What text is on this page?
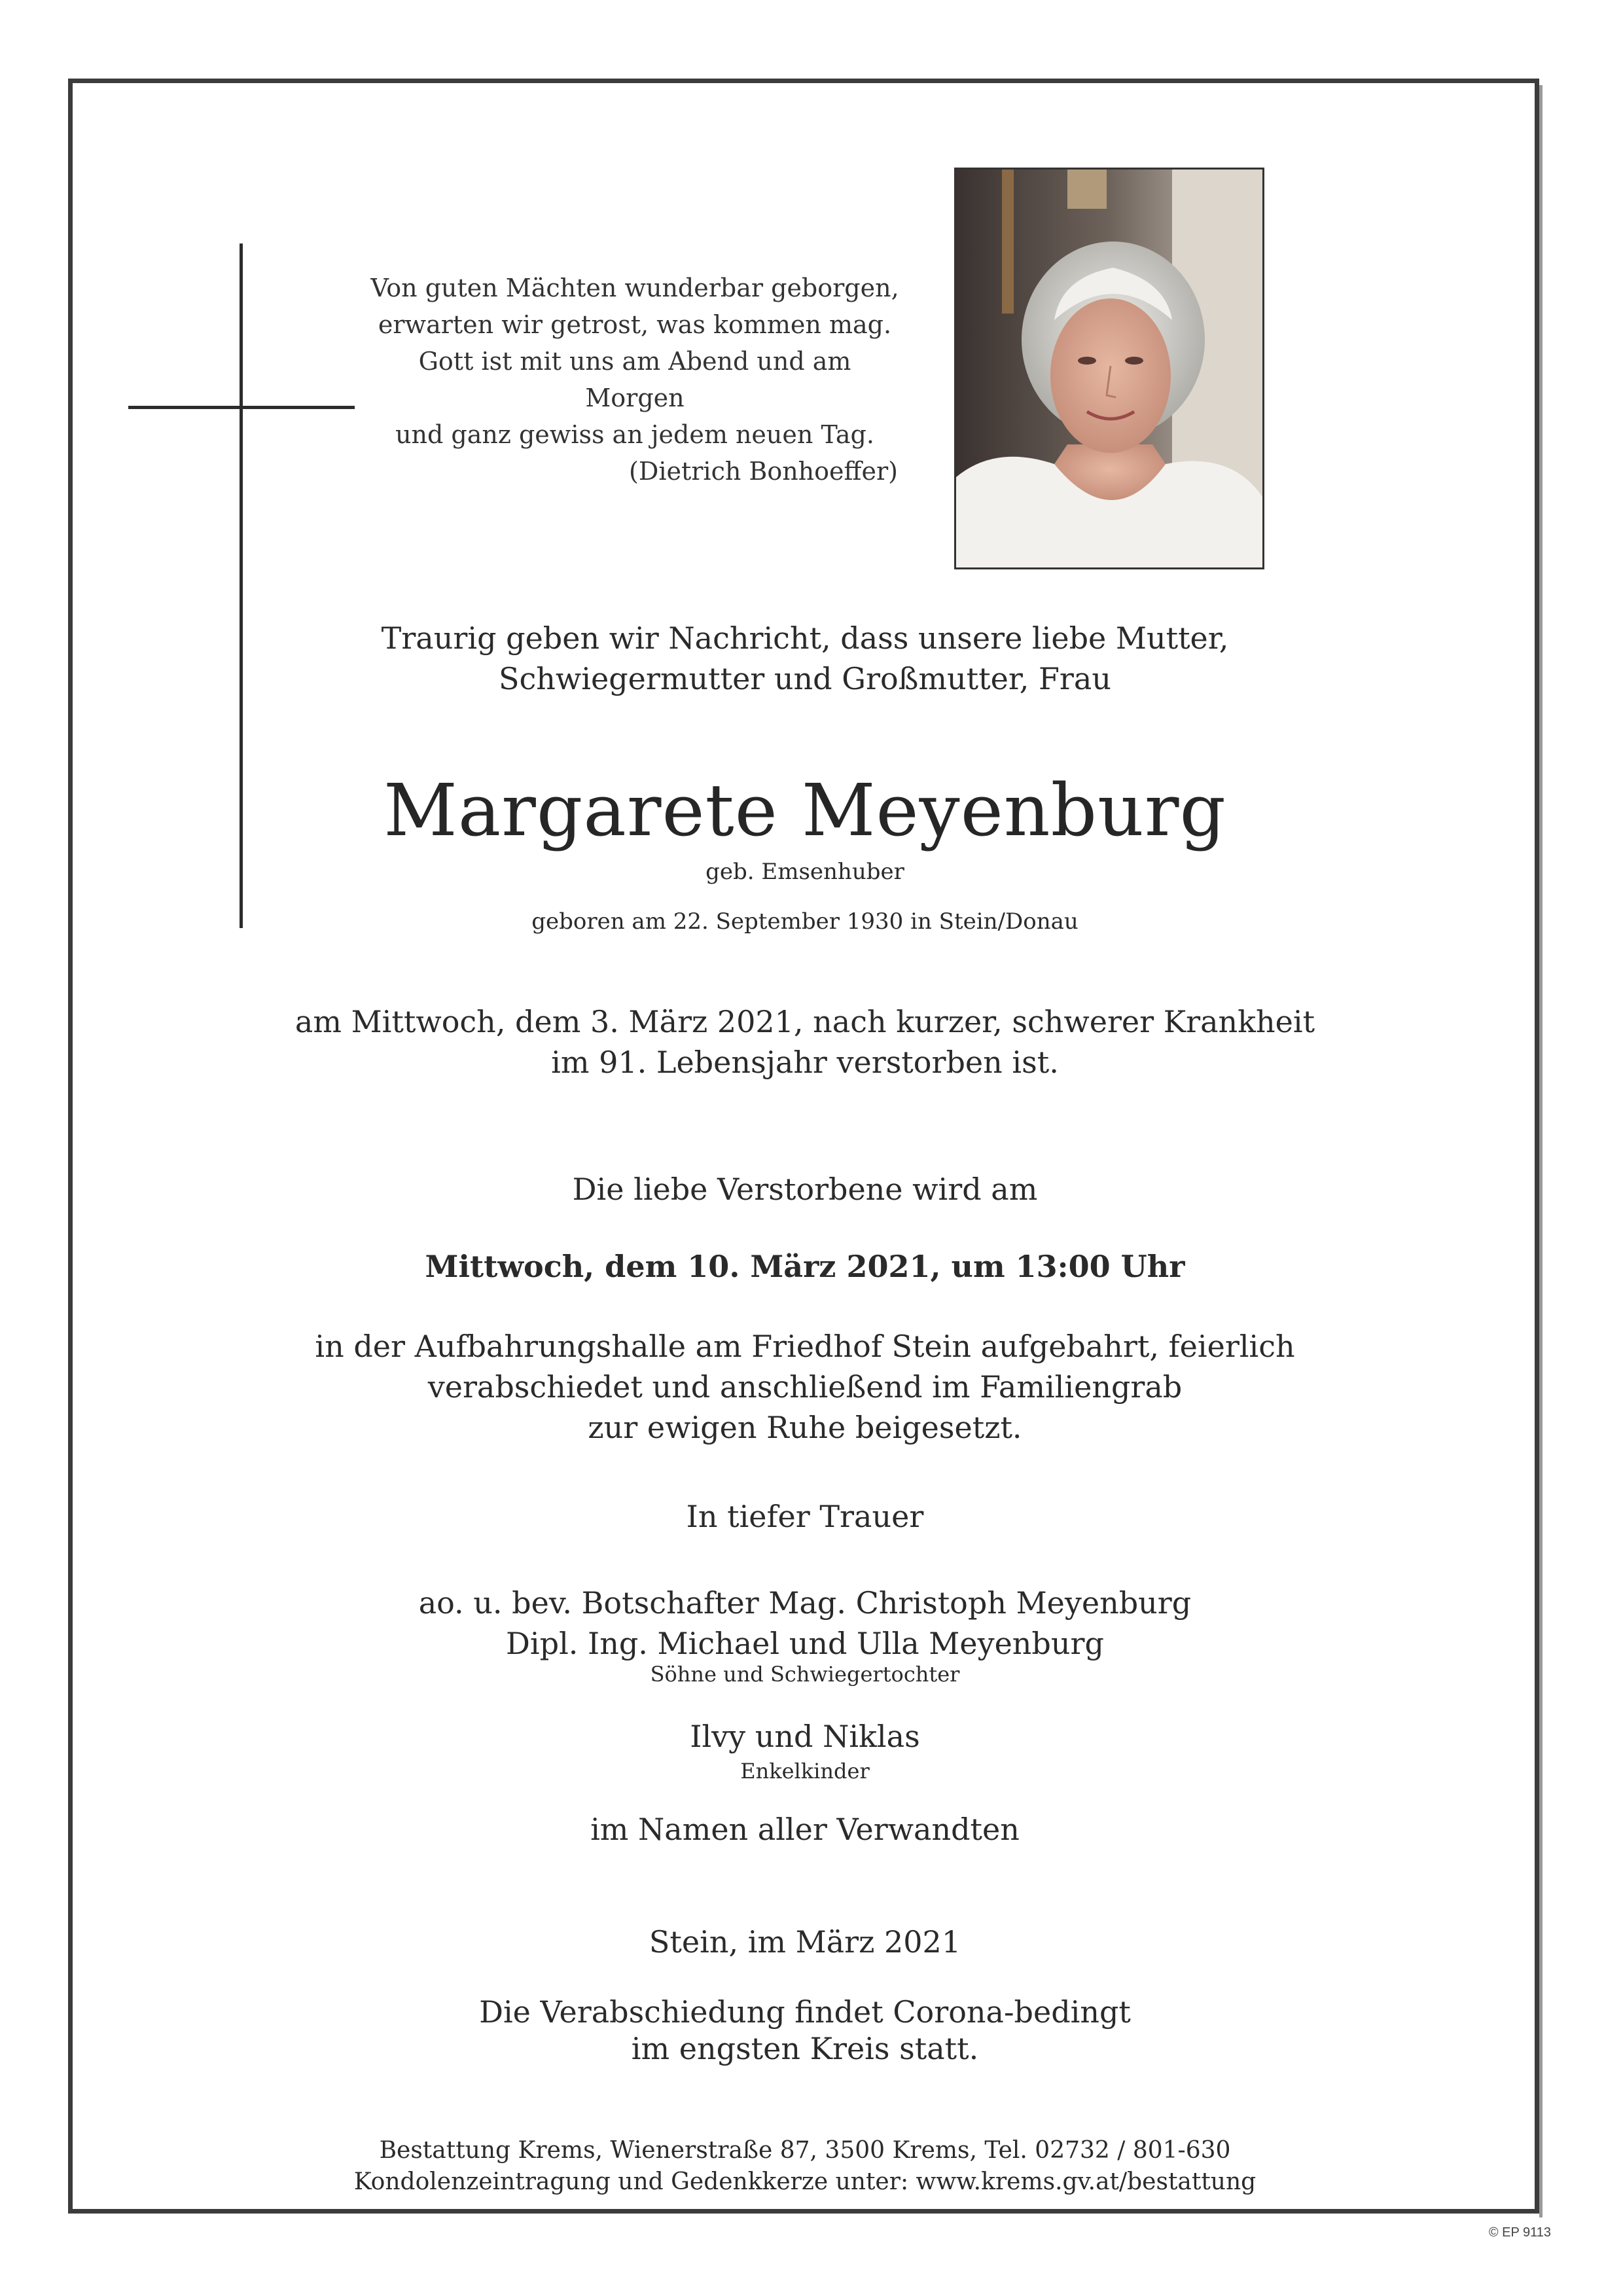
Von guten Mächten wunderbar geborgen,
erwarten wir getrost, was kommen mag.
Gott ist mit uns am Abend und am Morgen
und ganz gewiss an jedem neuen Tag.
(Dietrich Bonhoeffer)
Traurig geben wir Nachricht, dass unsere liebe Mutter,
Schwiegermutter und Großmutter, Frau
Margarete Meyenburg
geb. Emsenhuber
geboren am 22. September 1930 in Stein/Donau
am Mittwoch, dem 3. März 2021, nach kurzer, schwerer Krankheit
im 91. Lebensjahr verstorben ist.
Die liebe Verstorbene wird am
Mittwoch, dem 10. März 2021, um 13:00 Uhr
in der Aufbahrungshalle am Friedhof Stein aufgebahrt, feierlich
verabschiedet und anschließend im Familiengrab
zur ewigen Ruhe beigesetzt.
In tiefer Trauer
ao. u. bev. Botschafter Mag. Christoph Meyenburg
Dipl. Ing. Michael und Ulla Meyenburg
Söhne und Schwiegertochter
Ilvy und Niklas
Enkelkinder
im Namen aller Verwandten
Stein, im März 2021
Die Verabschiedung findet Corona-bedingt
im engsten Kreis statt.
Bestattung Krems, Wienerstraße 87, 3500 Krems, Tel. 02732 / 801-630
Kondolenzeintragung und Gedenkkerze unter: www.krems.gv.at/bestattung
© EP 9113
